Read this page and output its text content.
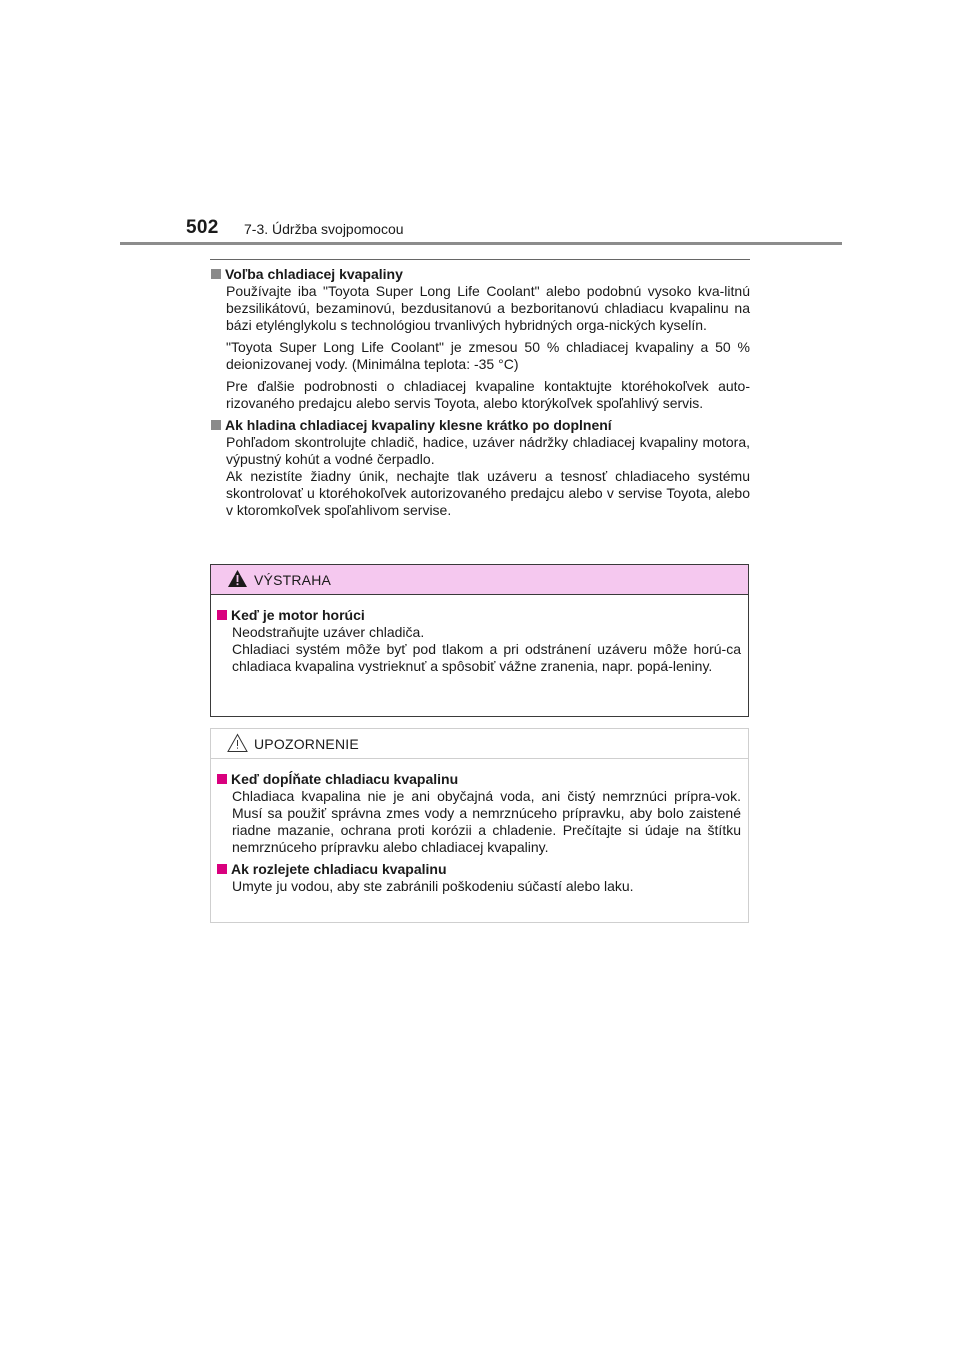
502 7-3. Údržba svojpomocou

Voľba chladiacej kvapaliny

Používajte iba "Toyota Super Long Life Coolant" alebo podobnú vysoko kva-litnú bezsilikátovú, bezaminovú, bezdusitanovú a bezboritanovú chladiacu kvapalinu na bázi etylénglykolu s technológiou trvanlivých hybridných orga-nických kyselín.

"Toyota Super Long Life Coolant" je zmesou 50 % chladiacej kvapaliny a 50 % deionizovanej vody. (Minimálna teplota: -35 °C)

Pre ďalšie podrobnosti o chladiacej kvapaline kontaktujte ktoréhokoľvek auto-rizovaného predajcu alebo servis Toyota, alebo ktorýkoľvek spoľahlivý servis.

Ak hladina chladiacej kvapaliny klesne krátko po doplnení

Pohľadom skontrolujte chladič, hadice, uzáver nádržky chladiacej kvapaliny motora, výpustný kohút a vodné čerpadlo.

Ak nezistíte žiadny únik, nechajte tlak uzáveru a tesnosť chladiaceho systému skontrolovať u ktoréhokoľvek autorizovaného predajcu alebo v servise Toyota, alebo v ktoromkoľvek spoľahlivom servise.

VÝSTRAHA

Keď je motor horúci

Neodstraňujte uzáver chladiča.

Chladiaci systém môže byť pod tlakom a pri odstránení uzáveru môže horú-ca chladiaca kvapalina vystrieknuť a spôsobiť vážne zranenia, napr. popá-leniny.

UPOZORNENIE

Keď dopĺňate chladiacu kvapalinu

Chladiaca kvapalina nie je ani obyčajná voda, ani čistý nemrznúci prípra-vok. Musí sa použiť správna zmes vody a nemrznúceho prípravku, aby bolo zaistené riadne mazanie, ochrana proti korózii a chladenie. Prečítajte si údaje na štítku nemrznúceho prípravku alebo chladiacej kvapaliny.

Ak rozlejete chladiacu kvapalinu

Umyte ju vodou, aby ste zabránili poškodeniu súčastí alebo laku.
